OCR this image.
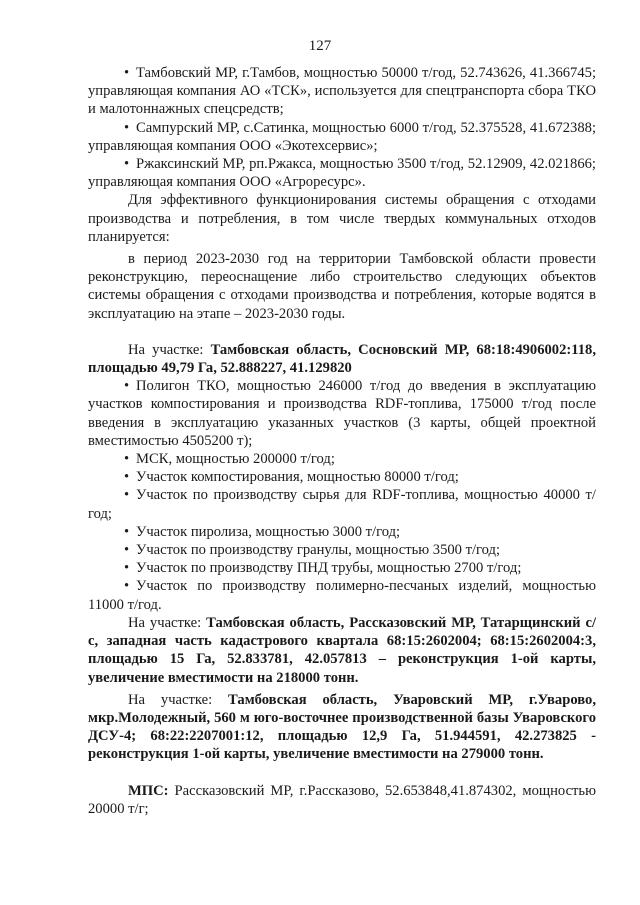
127

• Тамбовский МР, г.Тамбов, мощностью 50000 т/год, 52.743626, 41.366745; управляющая компания АО «ТСК», используется для спецтранспорта сбора ТКО и малотоннажных спецсредств;

• Сампурский МР, с.Сатинка, мощностью 6000 т/год, 52.375528, 41.672388; управляющая компания ООО «Экотехсервис»;

• Ржаксинский МР, рп.Ржакса, мощностью 3500 т/год, 52.12909, 42.021866; управляющая компания ООО «Агроресурс».

Для эффективного функционирования системы обращения с отходами производства и потребления, в том числе твердых коммунальных отходов планируется:

в период 2023-2030 год на территории Тамбовской области провести реконструкцию, переоснащение либо строительство следующих объектов системы обращения с отходами производства и потребления, которые водятся в эксплуатацию на этапе – 2023-2030 годы.

На участке: Тамбовская область, Сосновский МР, 68:18:4906002:118, площадью 49,79 Га, 52.888227, 41.129820

• Полигон ТКО, мощностью 246000 т/год до введения в эксплуатацию участков компостирования и производства RDF-топлива, 175000 т/год после введения в эксплуатацию указанных участков (3 карты, общей проектной вместимостью 4505200 т);

• МСК, мощностью 200000 т/год;

• Участок компостирования, мощностью 80000 т/год;

• Участок по производству сырья для RDF-топлива, мощностью 40000 т/год;

• Участок пиролиза, мощностью 3000 т/год;

• Участок по производству гранулы, мощностью 3500 т/год;

• Участок по производству ПНД трубы, мощностью 2700 т/год;

• Участок по производству полимерно-песчаных изделий, мощностью 11000 т/год.

На участке: Тамбовская область, Рассказовский МР, Татарщинский с/с, западная часть кадастрового квартала 68:15:2602004; 68:15:2602004:3, площадью 15 Га, 52.833781, 42.057813 – реконструкция 1-ой карты, увеличение вместимости на 218000 тонн.

На участке: Тамбовская область, Уваровский МР, г.Уварово, мкр.Молодежный, 560 м юго-восточнее производственной базы Уваровского ДСУ-4; 68:22:2207001:12, площадью 12,9 Га, 51.944591, 42.273825 - реконструкция 1-ой карты, увеличение вместимости на 279000 тонн.

МПС: Рассказовский МР, г.Рассказово, 52.653848,41.874302, мощностью 20000 т/г;
